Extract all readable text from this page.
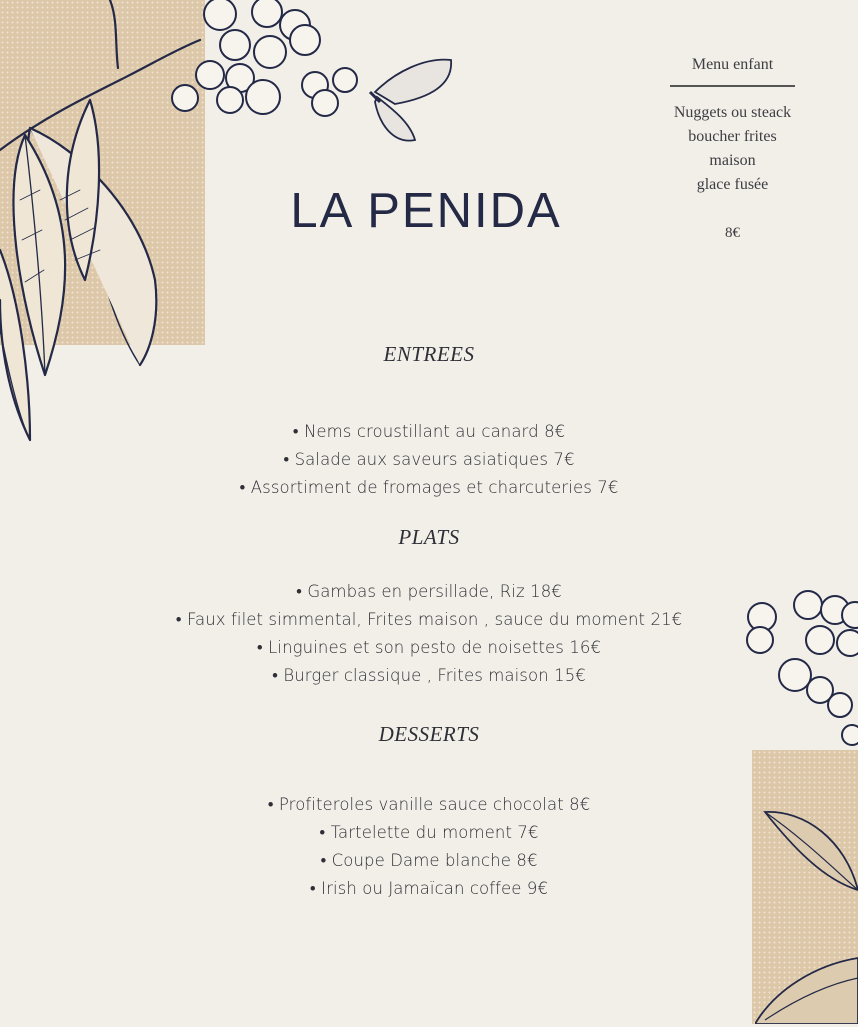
LA PENIDA
Menu enfant
Nuggets ou steack
boucher frites
maison
glace fusée
8€
ENTREES
• Nems croustillant au canard 8€
• Salade aux saveurs asiatiques 7€
• Assortiment de fromages et charcuteries 7€
PLATS
• Gambas en persillade, Riz 18€
• Faux filet simmental, Frites maison , sauce du moment 21€
• Linguines et son pesto de noisettes 16€
• Burger classique , Frites maison 15€
DESSERTS
• Profiteroles vanille sauce chocolat 8€
• Tartelette du moment 7€
• Coupe Dame blanche 8€
• Irish ou Jamaïcan coffee 9€
